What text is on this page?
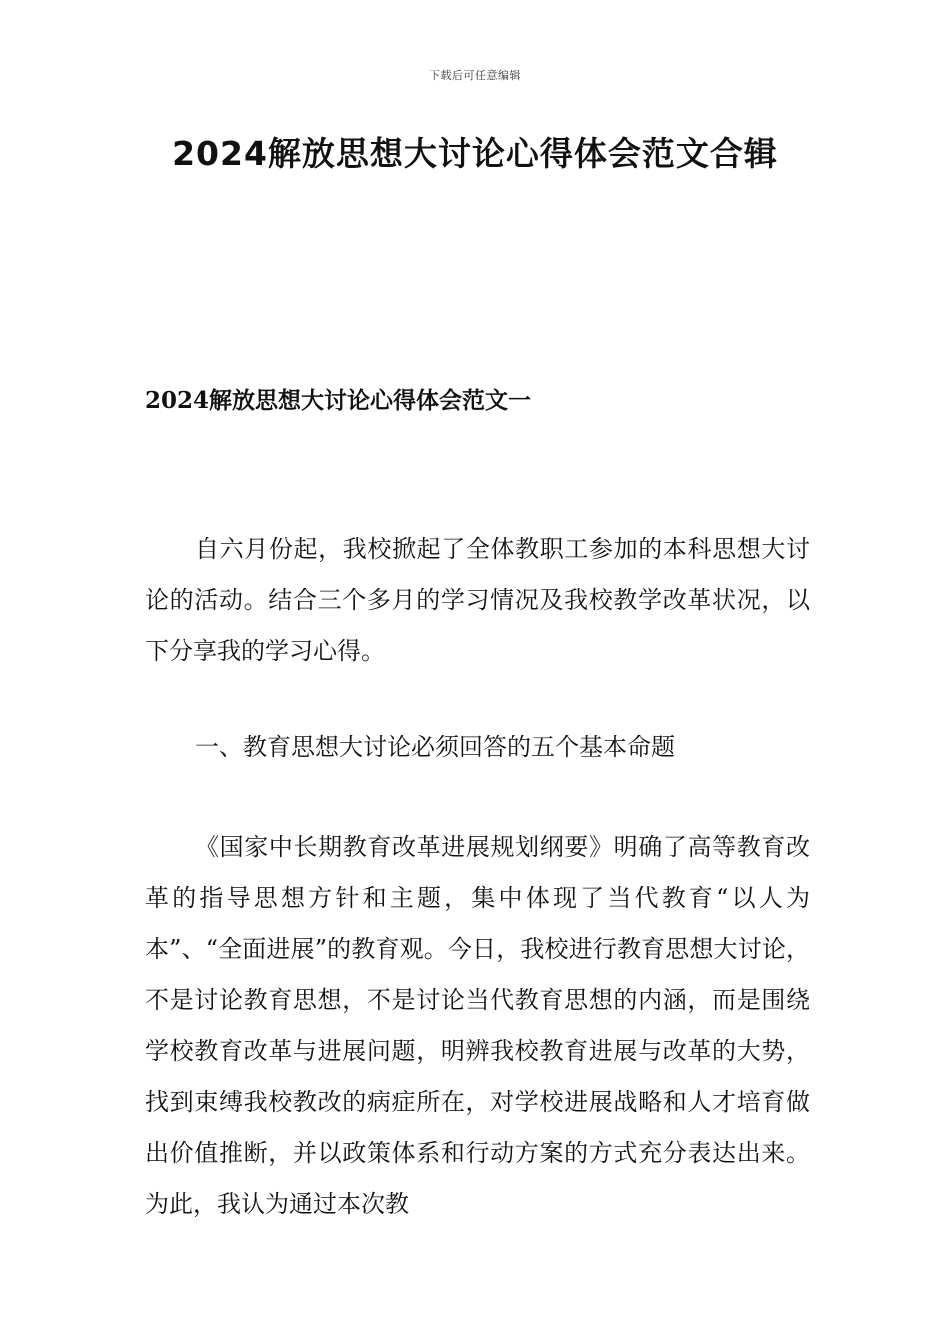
下载后可任意编辑
2024解放思想大讨论心得体会范文合辑
2024解放思想大讨论心得体会范文一

自六月份起，我校掀起了全体教职工参加的本科思想大讨论的活动。结合三个多月的学习情况及我校教学改革状况，以下分享我的学习心得。

一、教育思想大讨论必须回答的五个基本命题

《国家中长期教育改革进展规划纲要》明确了高等教育改革的指导思想方针和主题，集中体现了当代教育“以人为本”、“全面进展”的教育观。今日，我校进行教育思想大讨论，不是讨论教育思想，不是讨论当代教育思想的内涵，而是围绕学校教育改革与进展问题，明辨我校教育进展与改革的大势，找到束缚我校教改的病症所在，对学校进展战略和人才培育做出价值推断，并以政策体系和行动方案的方式充分表达出来。为此，我认为通过本次教
